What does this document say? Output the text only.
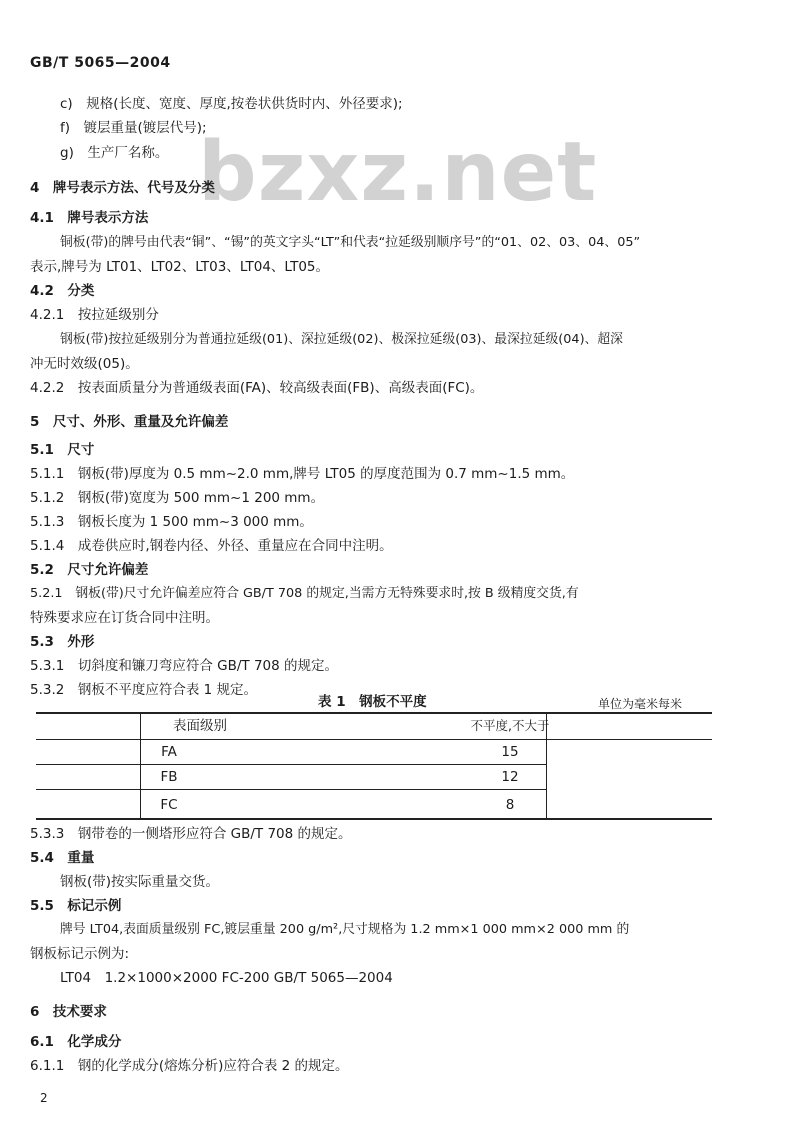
bzxz.net
GB/T 5065—2004
c)　规格(长度、宽度、厚度,按卷状供货时内、外径要求);
f)　镀层重量(镀层代号);
g)　生产厂名称。
4　牌号表示方法、代号及分类
4.1　牌号表示方法
铜板(带)的牌号由代表“铜”、“锡”的英文字头“LT”和代表“拉延级别顺序号”的“01、02、03、04、05”
表示,牌号为 LT01、LT02、LT03、LT04、LT05。
4.2　分类
4.2.1　按拉延级别分
钢板(带)按拉延级别分为普通拉延级(01)、深拉延级(02)、极深拉延级(03)、最深拉延级(04)、超深
冲无时效级(05)。
4.2.2　按表面质量分为普通级表面(FA)、较高级表面(FB)、高级表面(FC)。
5　尺寸、外形、重量及允许偏差
5.1　尺寸
5.1.1　钢板(带)厚度为 0.5 mm~2.0 mm,牌号 LT05 的厚度范围为 0.7 mm~1.5 mm。
5.1.2　钢板(带)宽度为 500 mm~1 200 mm。
5.1.3　钢板长度为 1 500 mm~3 000 mm。
5.1.4　成卷供应时,钢卷内径、外径、重量应在合同中注明。
5.2　尺寸允许偏差
5.2.1　钢板(带)尺寸允许偏差应符合 GB/T 708 的规定,当需方无特殊要求时,按 B 级精度交货,有
特殊要求应在订货合同中注明。
5.3　外形
5.3.1　切斜度和镰刀弯应符合 GB/T 708 的规定。
5.3.2　钢板不平度应符合表 1 规定。
表 1　钢板不平度	单位为毫米每米
表面级别	不平度,不大于
FA	15
FB	12
FC	8
5.3.3　钢带卷的一侧塔形应符合 GB/T 708 的规定。
5.4　重量
钢板(带)按实际重量交货。
5.5　标记示例
牌号 LT04,表面质量级别 FC,镀层重量 200 g/m²,尺寸规格为 1.2 mm×1 000 mm×2 000 mm 的
钢板标记示例为:
LT04　1.2×1000×2000 FC-200 GB/T 5065—2004
6　技术要求
6.1　化学成分
6.1.1　钢的化学成分(熔炼分析)应符合表 2 的规定。
2
